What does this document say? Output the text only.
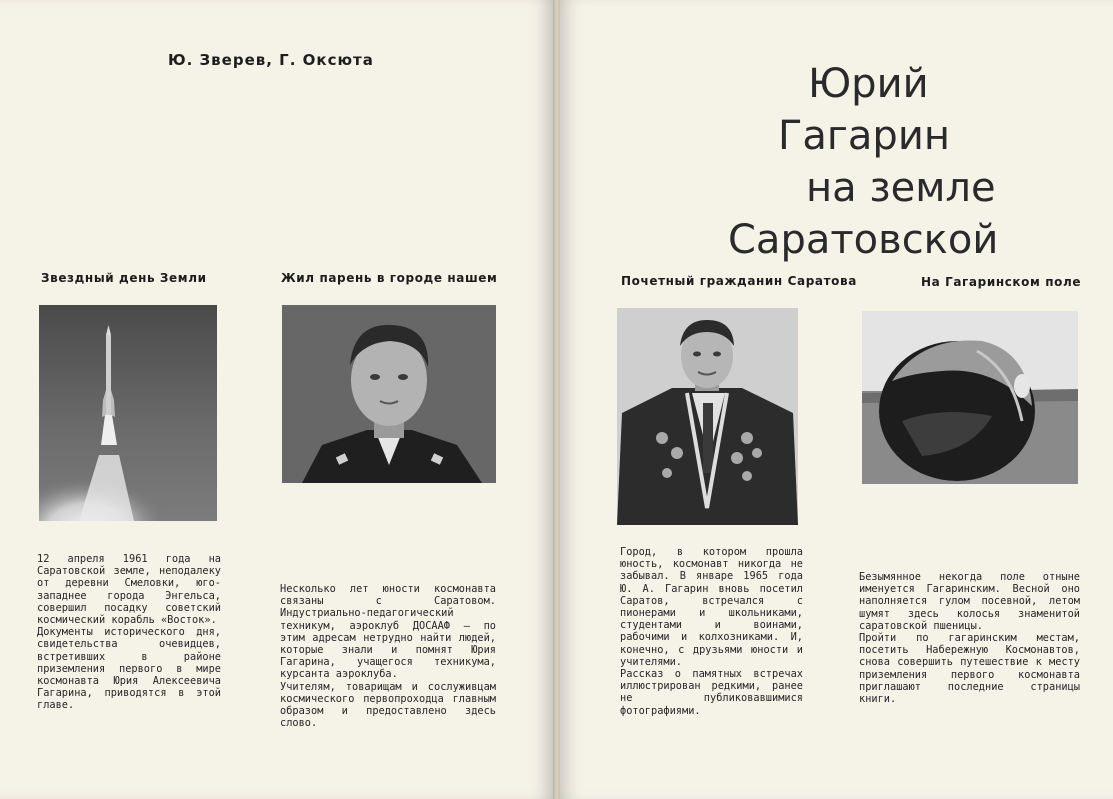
Ю. Зверев, Г. Оксюта
Звездный день Земли	Жил парень в городе нашем

12 апреля 1961 года на Саратовской земле, неподалеку от деревни Смеловки, юго-западнее города Энгельса, совершил посадку советский космический корабль «Восток».

Документы исторического дня, свидетельства очевидцев, встретивших в районе приземления первого в мире космонавта Юрия Алексеевича Гагарина, приводятся в этой главе.

Несколько лет юности космонавта связаны с Саратовом. Индустриально-педагогический техникум, аэроклуб ДОСААФ — по этим адресам нетрудно найти людей, которые знали и помнят Юрия Гагарина, учащегося техникума, курсанта аэроклуба.

Учителям, товарищам и сослуживцам космического первопроходца главным образом и предоставлено здесь слово.

Юрий
Гагарин
на земле
Саратовской
Почетный гражданин Саратова	На Гагаринском поле

Город, в котором прошла юность, космонавт никогда не забывал. В январе 1965 года Ю. А. Гагарин вновь посетил Саратов, встречался с пионерами и школьниками, студентами и воинами, рабочими и колхозниками. И, конечно, с друзьями юности и учителями.

Рассказ о памятных встречах иллюстрирован редкими, ранее не публиковавшимися фотографиями.

Безымянное некогда поле отныне именуется Гагаринским. Весной оно наполняется гулом посевной, летом шумят здесь колосья знаменитой саратовской пшеницы.

Пройти по гагаринским местам, посетить Набережную Космонавтов, снова совершить путешествие к месту приземления первого космонавта приглашают последние страницы книги.
